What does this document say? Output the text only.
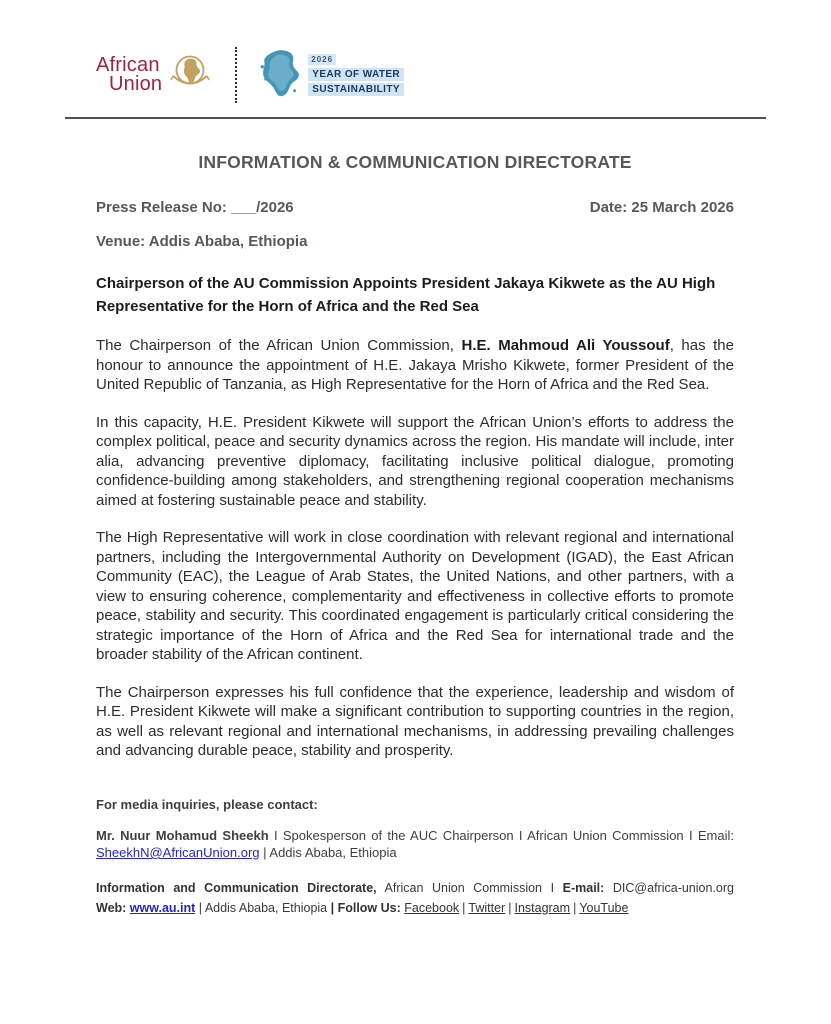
African
Union
2026
YEAR OF WATER
SUSTAINABILITY
INFORMATION & COMMUNICATION DIRECTORATE
Press Release No: ___/2026	Date: 25 March 2026
Venue: Addis Ababa, Ethiopia
Chairperson of the AU Commission Appoints President Jakaya Kikwete as the AU High Representative for the Horn of Africa and the Red Sea

The Chairperson of the African Union Commission, H.E. Mahmoud Ali Youssouf, has the honour to announce the appointment of H.E. Jakaya Mrisho Kikwete, former President of the United Republic of Tanzania, as High Representative for the Horn of Africa and the Red Sea.

In this capacity, H.E. President Kikwete will support the African Union’s efforts to address the complex political, peace and security dynamics across the region. His mandate will include, inter alia, advancing preventive diplomacy, facilitating inclusive political dialogue, promoting confidence-building among stakeholders, and strengthening regional cooperation mechanisms aimed at fostering sustainable peace and stability.

The High Representative will work in close coordination with relevant regional and international partners, including the Intergovernmental Authority on Development (IGAD), the East African Community (EAC), the League of Arab States, the United Nations, and other partners, with a view to ensuring coherence, complementarity and effectiveness in collective efforts to promote peace, stability and security. This coordinated engagement is particularly critical considering the strategic importance of the Horn of Africa and the Red Sea for international trade and the broader stability of the African continent.

The Chairperson expresses his full confidence that the experience, leadership and wisdom of H.E. President Kikwete will make a significant contribution to supporting countries in the region, as well as relevant regional and international mechanisms, in addressing prevailing challenges and advancing durable peace, stability and prosperity.

For media inquiries, please contact:

Mr. Nuur Mohamud Sheekh I Spokesperson of the AUC Chairperson I African Union Commission I Email: SheekhN@AfricanUnion.org | Addis Ababa, Ethiopia

Information and Communication Directorate, African Union Commission I E-mail: DIC@africa-union.org
Web: www.au.int | Addis Ababa, Ethiopia | Follow Us: Facebook | Twitter | Instagram | YouTube
